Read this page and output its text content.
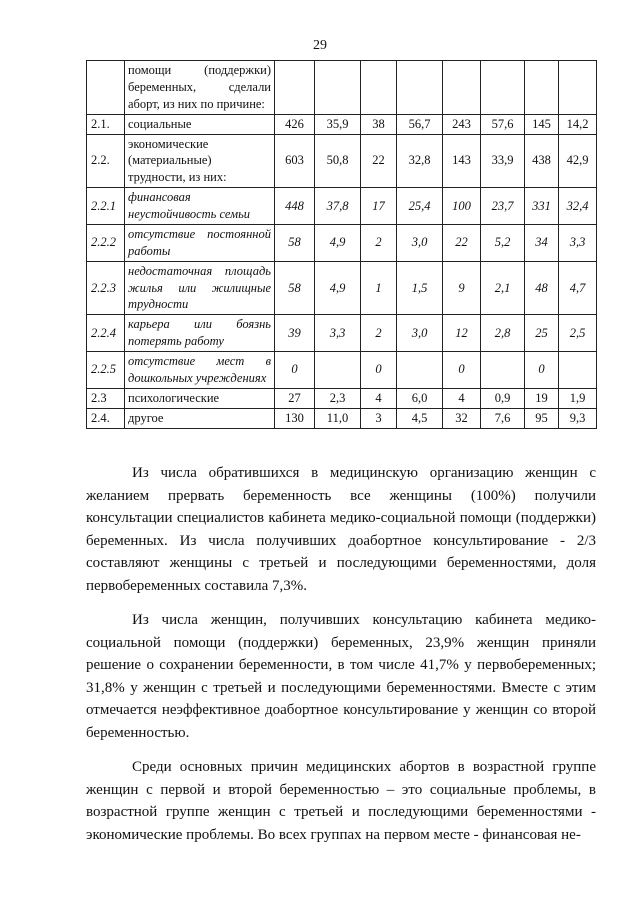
29
	помощи (поддержки) беременных, сделали аборт, из них по причине:								
2.1.	социальные	426	35,9	38	56,7	243	57,6	145	14,2
2.2.	экономические (материальные) трудности, из них:	603	50,8	22	32,8	143	33,9	438	42,9
2.2.1	финансовая неустойчивость семьи	448	37,8	17	25,4	100	23,7	331	32,4
2.2.2	отсутствие постоянной работы	58	4,9	2	3,0	22	5,2	34	3,3
2.2.3	недостаточная площадь жилья или жилищные трудности	58	4,9	1	1,5	9	2,1	48	4,7
2.2.4	карьера или боязнь потерять работу	39	3,3	2	3,0	12	2,8	25	2,5
2.2.5	отсутствие мест в дошкольных учреждениях	0		0		0		0	
2.3	психологические	27	2,3	4	6,0	4	0,9	19	1,9
2.4.	другое	130	11,0	3	4,5	32	7,6	95	9,3

Из числа обратившихся в медицинскую организацию женщин с желанием прервать беременность все женщины (100%) получили консультации специалистов кабинета медико-социальной помощи (поддержки) беременных. Из числа получивших доабортное консультирование - 2/3 составляют женщины с третьей и последующими беременностями, доля первобеременных составила 7,3%.

Из числа женщин, получивших консультацию кабинета медико-социальной помощи (поддержки) беременных, 23,9% женщин приняли решение о сохранении беременности, в том числе 41,7% у первобеременных; 31,8% у женщин с третьей и последующими беременностями. Вместе с этим отмечается неэффективное доабортное консультирование у женщин со второй беременностью.

Среди основных причин медицинских абортов в возрастной группе женщин с первой и второй беременностью – это социальные проблемы, в возрастной группе женщин с третьей и последующими беременностями - экономические проблемы. Во всех группах на первом месте - финансовая не-
